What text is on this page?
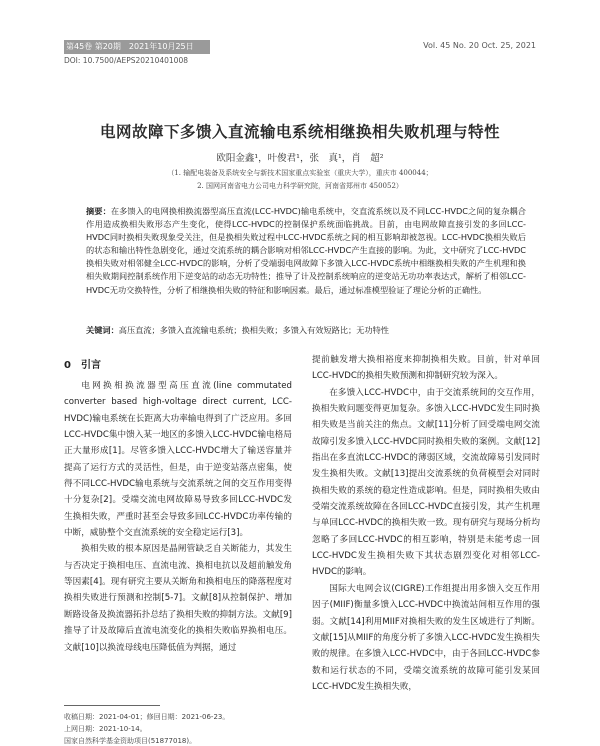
第45卷 第20期　2021年10月25日	Vol. 45 No. 20 Oct. 25, 2021
DOI: 10.7500/AEPS20210401008
电网故障下多馈入直流输电系统相继换相失败机理与特性
欧阳金鑫¹，叶俊君¹，张　真¹，肖　超²
（1. 输配电装备及系统安全与新技术国家重点实验室（重庆大学），重庆市 400044；
2. 国网河南省电力公司电力科学研究院，河南省郑州市 450052）
摘要：在多馈入的电网换相换流器型高压直流(LCC-HVDC)输电系统中，交直流系统以及不同LCC-HVDC之间的复杂耦合作用造成换相失败形态产生变化，使得LCC-HVDC的控制保护系统面临挑战。目前，由电网故障直接引发的多回LCC-HVDC同时换相失败现象受关注，但是换相失败过程中LCC-HVDC系统之间的相互影响却被忽视。LCC-HVDC换相失败后的状态和输出特性急剧变化，通过交流系统的耦合影响对相邻LCC-HVDC产生直接的影响。为此，文中研究了LCC-HVDC换相失败对相邻健全LCC-HVDC的影响，分析了受端弱电网故障下多馈入LCC-HVDC系统中相继换相失败的产生机理和换相失败期间控制系统作用下逆变站的动态无功特性；推导了计及控制系统响应的逆变站无功功率表达式，解析了相邻LCC-HVDC无功交换特性，分析了相继换相失败的特征和影响因素。最后，通过标准模型验证了理论分析的正确性。
关键词：高压直流；多馈入直流输电系统；换相失败；多馈入有效短路比；无功特性
0　引言

电网换相换流器型高压直流(line commutated converter based high-voltage direct current, LCC-HVDC)输电系统在长距离大功率输电得到了广泛应用。多回LCC-HVDC集中馈入某一地区的多馈入LCC-HVDC输电格局正大量形成[1]。尽管多馈入LCC-HVDC增大了输送容量并提高了运行方式的灵活性，但是，由于逆变站落点密集，使得不同LCC-HVDC输电系统与交流系统之间的交互作用变得十分复杂[2]。受端交流电网故障易导致多回LCC-HVDC发生换相失败，严重时甚至会导致多回LCC-HVDC功率传输的中断，威胁整个交直流系统的安全稳定运行[3]。

换相失败的根本原因是晶闸管缺乏自关断能力，其发生与否决定于换相电压、直流电流、换相电抗以及超前触发角等因素[4]。现有研究主要从关断角和换相电压的降落程度对换相失败进行预测和控制[5-7]。文献[8]从控制保护、增加断路设备及换流器拓扑总结了换相失败的抑制方法。文献[9]推导了计及故障后直流电流变化的换相失败临界换相电压。文献[10]以换流母线电压降低值为判据，通过

提前触发增大换相裕度来抑制换相失败。目前，针对单回LCC-HVDC的换相失败预测和抑制研究较为深入。

在多馈入LCC-HVDC中，由于交流系统间的交互作用，换相失败问题变得更加复杂。多馈入LCC-HVDC发生同时换相失败是当前关注的焦点。文献[11]分析了回受端电网交流故障引发多馈入LCC-HVDC同时换相失败的案例。文献[12]指出在多直流LCC-HVDC的薄弱区域，交流故障易引发同时发生换相失败。文献[13]提出交流系统的负荷模型会对同时换相失败的系统的稳定性造成影响。但是，同时换相失败由受端交流系统故障在各回LCC-HVDC直接引发，其产生机理与单回LCC-HVDC的换相失败一致。现有研究与现场分析均忽略了多回LCC-HVDC的相互影响，特别是未能考虑一回LCC-HVDC发生换相失败下其状态剧烈变化对相邻LCC-HVDC的影响。

国际大电网会议(CIGRE)工作组提出用多馈入交互作用因子(MIIF)衡量多馈入LCC-HVDC中换流站间相互作用的强弱。文献[14]利用MIIF对换相失败的发生区域进行了判断。文献[15]从MIIF的角度分析了多馈入LCC-HVDC发生换相失败的规律。在多馈入LCC-HVDC中，由于各回LCC-HVDC参数和运行状态的不同，受端交流系统的故障可能引发某回LCC-HVDC发生换相失败，

收稿日期：2021-04-01；修回日期：2021-06-23。
上网日期：2021-10-14。
国家自然科学基金资助项目(51877018)。
